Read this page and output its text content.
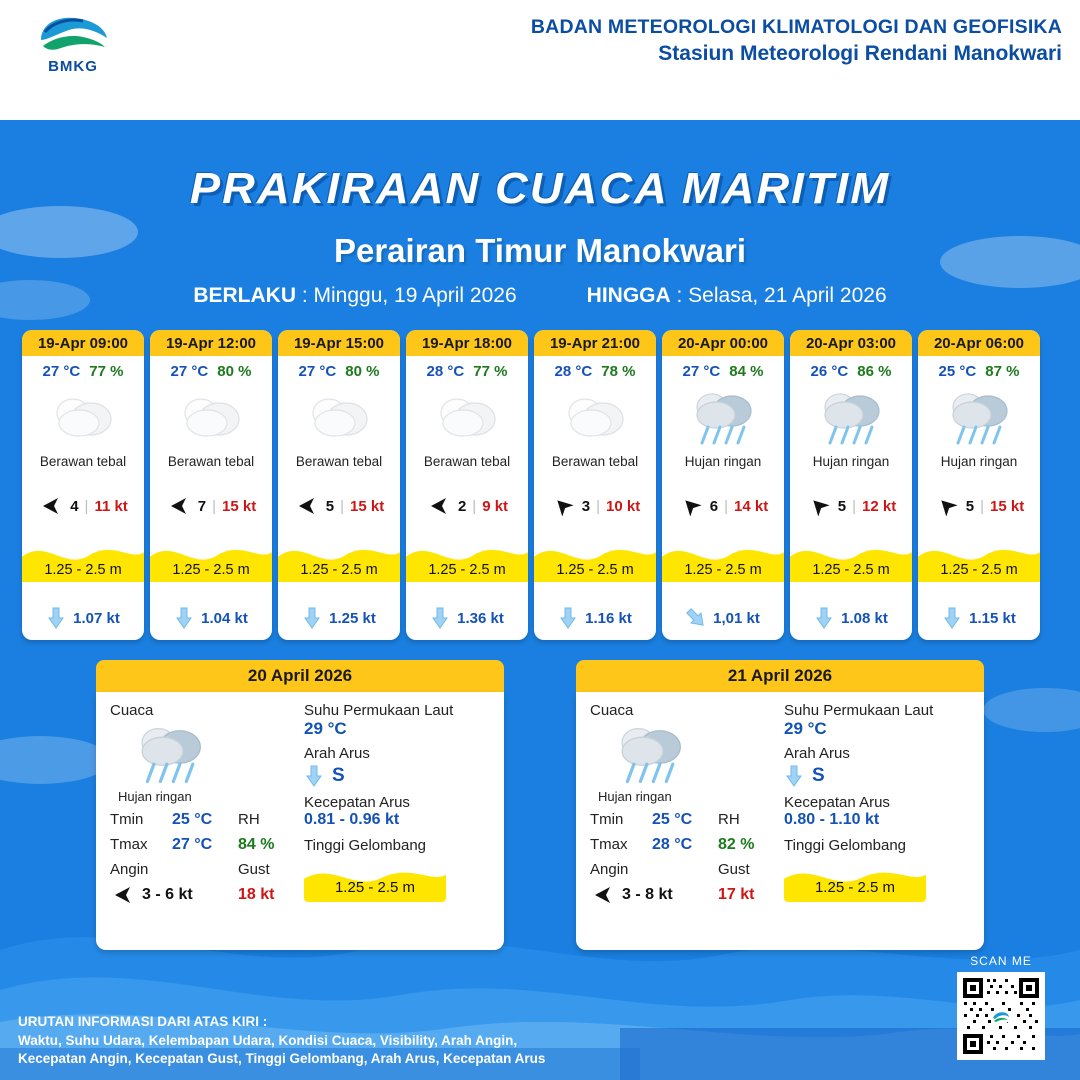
BMKG
BADAN METEOROLOGI KLIMATOLOGI DAN GEOFISIKA
Stasiun Meteorologi Rendani Manokwari
PRAKIRAAN CUACA MARITIM
Perairan Timur Manokwari
BERLAKU : Minggu, 19 April 2026	HINGGA : Selasa, 21 April 2026
19-Apr 09:00
27 °C 77 %
Berawan tebal
4 | 11 kt
1.25 - 2.5 m
1.07 kt
19-Apr 12:00
27 °C 80 %
Berawan tebal
7 | 15 kt
1.25 - 2.5 m
1.04 kt
19-Apr 15:00
27 °C 80 %
Berawan tebal
5 | 15 kt
1.25 - 2.5 m
1.25 kt
19-Apr 18:00
28 °C 77 %
Berawan tebal
2 | 9 kt
1.25 - 2.5 m
1.36 kt
19-Apr 21:00
28 °C 78 %
Berawan tebal
3 | 10 kt
1.25 - 2.5 m
1.16 kt
20-Apr 00:00
27 °C 84 %
Hujan ringan
6 | 14 kt
1.25 - 2.5 m
1,01 kt
20-Apr 03:00
26 °C 86 %
Hujan ringan
5 | 12 kt
1.25 - 2.5 m
1.08 kt
20-Apr 06:00
25 °C 87 %
Hujan ringan
5 | 15 kt
1.25 - 2.5 m
1.15 kt
20 April 2026
Cuaca
Hujan ringan
Tmin	25 °C RH
Tmax	27 °C 84 %
Angin	Gust
3 - 6 kt	18 kt
Suhu Permukaan Laut
29 °C
Arah Arus
S
Kecepatan Arus
0.81 - 0.96 kt
Tinggi Gelombang
1.25 - 2.5 m
21 April 2026
Cuaca
Hujan ringan
Tmin	25 °C RH
Tmax	28 °C 82 %
Angin	Gust
3 - 8 kt	17 kt
Suhu Permukaan Laut
29 °C
Arah Arus
S
Kecepatan Arus
0.80 - 1.10 kt
Tinggi Gelombang
1.25 - 2.5 m
URUTAN INFORMASI DARI ATAS KIRI :
Waktu, Suhu Udara, Kelembapan Udara, Kondisi Cuaca, Visibility, Arah Angin,
Kecepatan Angin, Kecepatan Gust, Tinggi Gelombang, Arah Arus, Kecepatan Arus
SCAN ME
